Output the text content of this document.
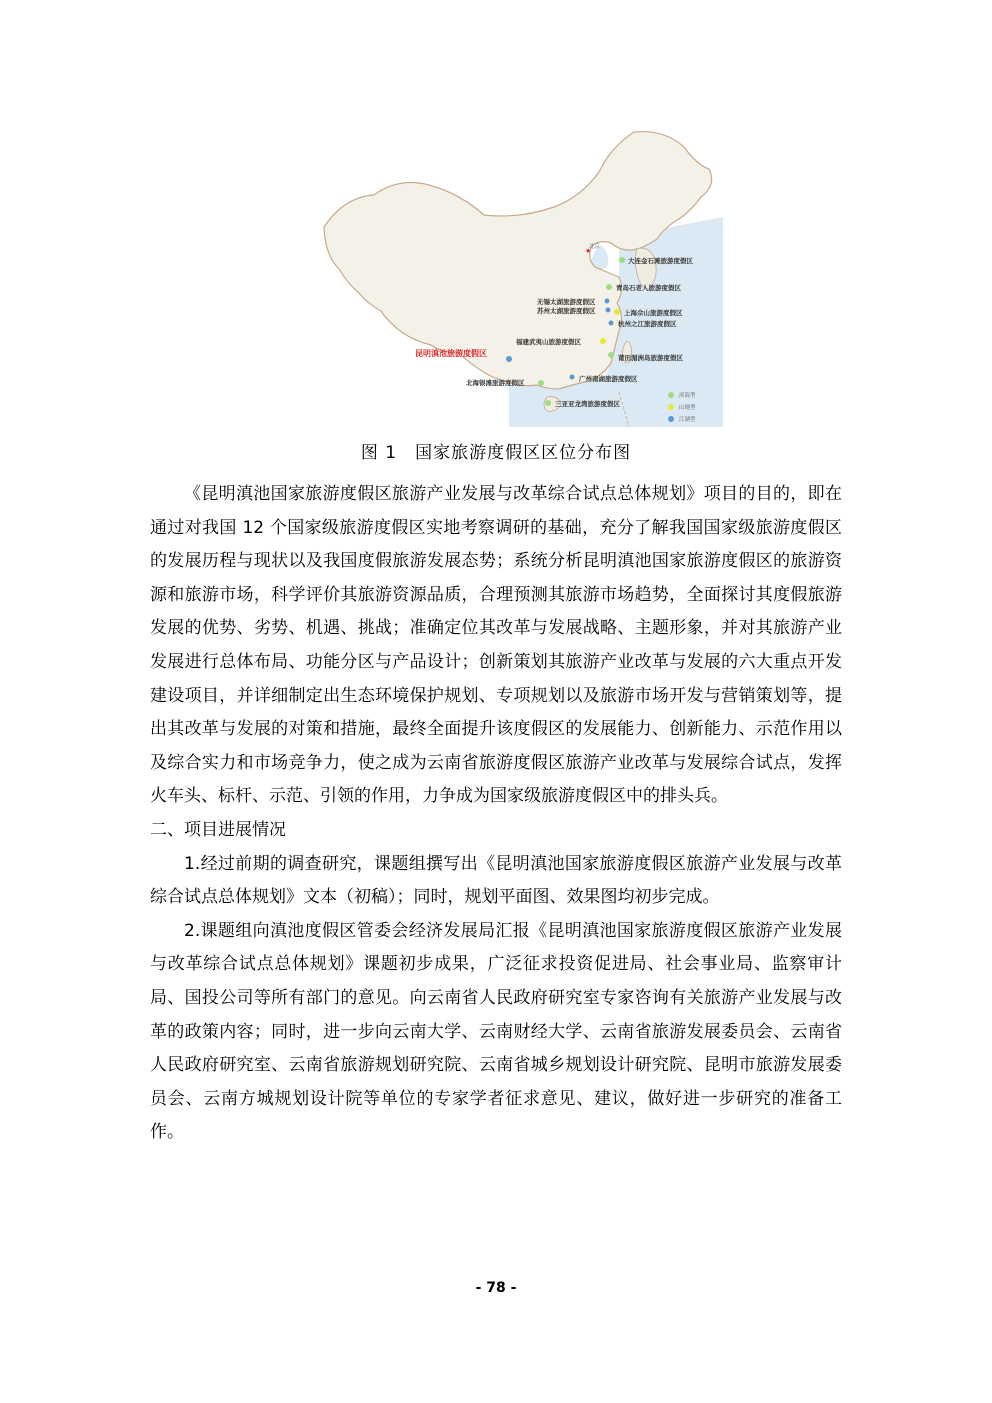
★
北京
大连金石滩旅游度假区
青岛石老人旅游度假区
无锡太湖旅游度假区
苏州太湖旅游度假区	上海佘山旅游度假区
杭州之江旅游度假区
福建武夷山旅游度假区
莆田湄洲岛旅游度假区
广州南湖旅游度假区
北海银滩旅游度假区
三亚亚龙湾旅游度假区
昆明滇池旅游度假区
滨海型
山地型
江湖型
图 1　国家旅游度假区区位分布图

《昆明滇池国家旅游度假区旅游产业发展与改革综合试点总体规划》项目的目的，即在通过对我国 12 个国家级旅游度假区实地考察调研的基础，充分了解我国国家级旅游度假区的发展历程与现状以及我国度假旅游发展态势；系统分析昆明滇池国家旅游度假区的旅游资源和旅游市场，科学评价其旅游资源品质，合理预测其旅游市场趋势，全面探讨其度假旅游发展的优势、劣势、机遇、挑战；准确定位其改革与发展战略、主题形象，并对其旅游产业发展进行总体布局、功能分区与产品设计；创新策划其旅游产业改革与发展的六大重点开发建设项目，并详细制定出生态环境保护规划、专项规划以及旅游市场开发与营销策划等，提出其改革与发展的对策和措施，最终全面提升该度假区的发展能力、创新能力、示范作用以及综合实力和市场竞争力，使之成为云南省旅游度假区旅游产业改革与发展综合试点，发挥火车头、标杆、示范、引领的作用，力争成为国家级旅游度假区中的排头兵。

二、项目进展情况

1.经过前期的调查研究，课题组撰写出《昆明滇池国家旅游度假区旅游产业发展与改革综合试点总体规划》文本（初稿）；同时，规划平面图、效果图均初步完成。

2.课题组向滇池度假区管委会经济发展局汇报《昆明滇池国家旅游度假区旅游产业发展与改革综合试点总体规划》课题初步成果，广泛征求投资促进局、社会事业局、监察审计局、国投公司等所有部门的意见。向云南省人民政府研究室专家咨询有关旅游产业发展与改革的政策内容；同时，进一步向云南大学、云南财经大学、云南省旅游发展委员会、云南省人民政府研究室、云南省旅游规划研究院、云南省城乡规划设计研究院、昆明市旅游发展委员会、云南方城规划设计院等单位的专家学者征求意见、建议，做好进一步研究的准备工作。

- 78 -
